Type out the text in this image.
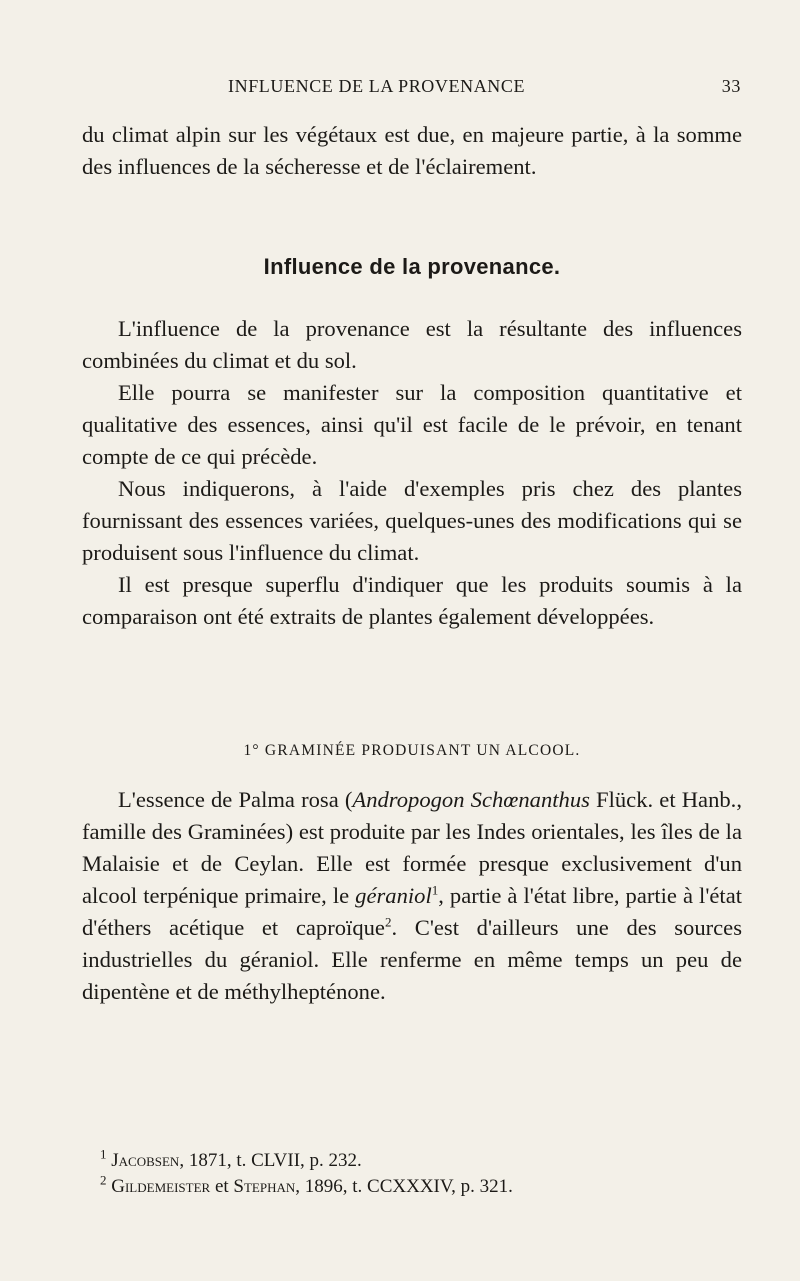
INFLUENCE DE LA PROVENANCE	33

du climat alpin sur les végétaux est due, en majeure partie, à la somme des influences de la sécheresse et de l'éclairement.

Influence de la provenance.

L'influence de la provenance est la résultante des influences combinées du climat et du sol.

Elle pourra se manifester sur la composition quantitative et qualitative des essences, ainsi qu'il est facile de le prévoir, en tenant compte de ce qui précède.

Nous indiquerons, à l'aide d'exemples pris chez des plantes fournissant des essences variées, quelques-unes des modifications qui se produisent sous l'influence du climat.

Il est presque superflu d'indiquer que les produits soumis à la comparaison ont été extraits de plantes également développées.

1° GRAMINÉE PRODUISANT UN ALCOOL.

L'essence de Palma rosa (Andropogon Schœnanthus Flück. et Hanb., famille des Graminées) est produite par les Indes orientales, les îles de la Malaisie et de Ceylan. Elle est formée presque exclusivement d'un alcool terpénique primaire, le géraniol$^1$, partie à l'état libre, partie à l'état d'éthers acétique et caproïque$^2$. C'est d'ailleurs une des sources industrielles du géraniol. Elle renferme en même temps un peu de dipentène et de méthylhepténone.

$^1$ Jacobsen, 1871, t. CLVII, p. 232.

$^2$ Gildemeister et Stephan, 1896, t. CCXXXIV, p. 321.
